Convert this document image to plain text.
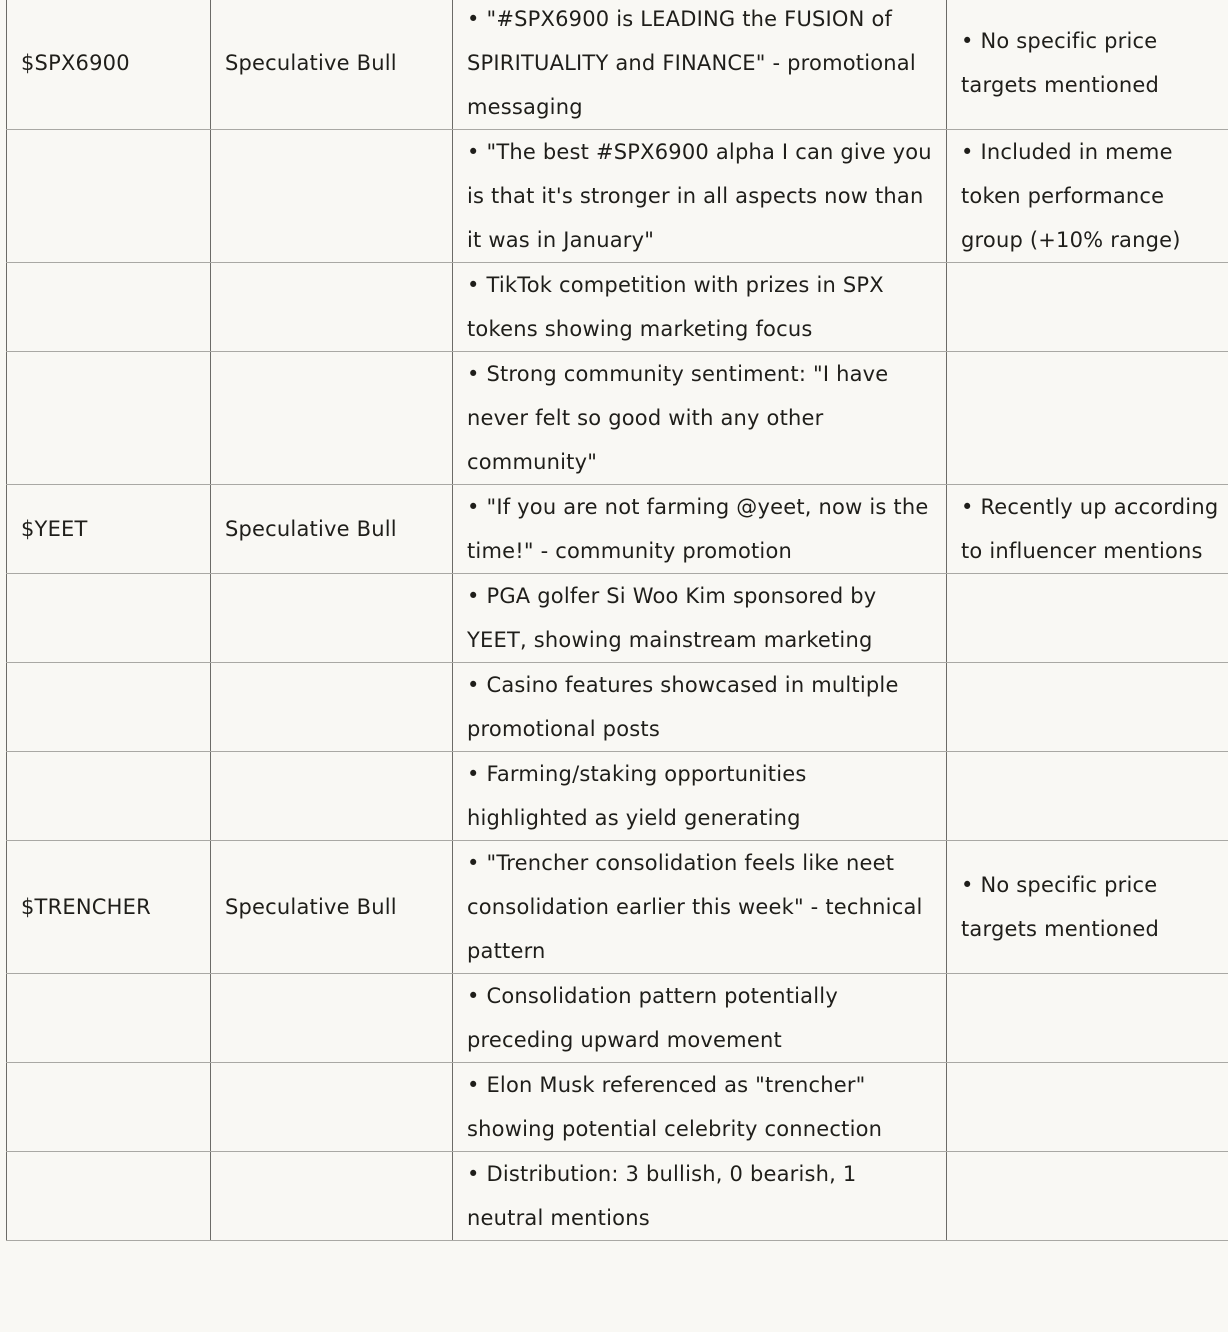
$SPX6900	Speculative Bull	• "#SPX6900 is LEADING the FUSION of SPIRITUALITY and FINANCE" - promotional messaging	• No specific price targets mentioned
		• "The best #SPX6900 alpha I can give you is that it's stronger in all aspects now than it was in January"	• Included in meme token performance group (+10% range)
		• TikTok competition with prizes in SPX tokens showing marketing focus	
		• Strong community sentiment: "I have never felt so good with any other community"	
$YEET	Speculative Bull	• "If you are not farming @yeet, now is the time!" - community promotion	• Recently up according to influencer mentions
		• PGA golfer Si Woo Kim sponsored by YEET, showing mainstream marketing	
		• Casino features showcased in multiple promotional posts	
		• Farming/staking opportunities highlighted as yield generating	
$TRENCHER	Speculative Bull	• "Trencher consolidation feels like neet consolidation earlier this week" - technical pattern	• No specific price targets mentioned
		• Consolidation pattern potentially preceding upward movement	
		• Elon Musk referenced as "trencher" showing potential celebrity connection	
		• Distribution: 3 bullish, 0 bearish, 1 neutral mentions	
